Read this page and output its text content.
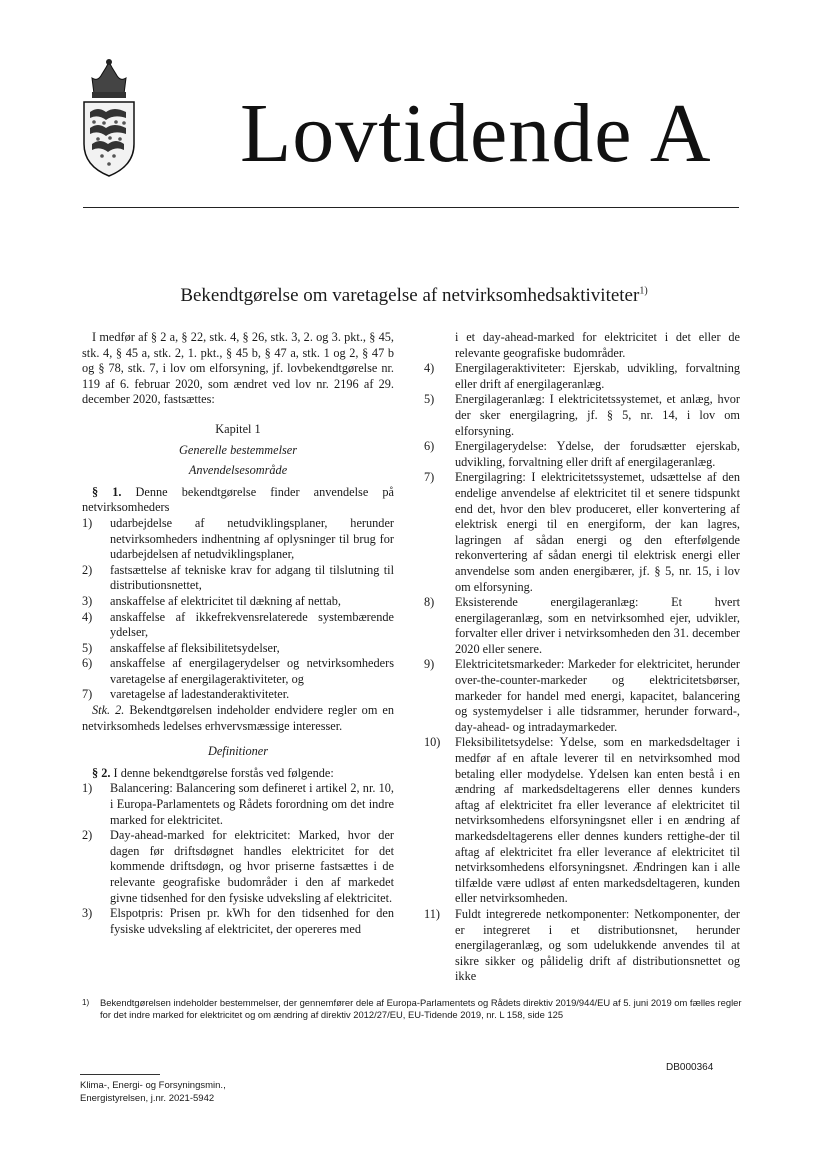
Lovtidende A
Bekendtgørelse om varetagelse af netvirksomhedsaktiviteter$^{1)}$

I medfør af § 2 a, § 22, stk. 4, § 26, stk. 3, 2. og 3. pkt., § 45, stk. 4, § 45 a, stk. 2, 1. pkt., § 45 b, § 47 a, stk. 1 og 2, § 47 b og § 78, stk. 7, i lov om elforsyning, jf. lovbekendtgørelse nr. 119 af 6. februar 2020, som ændret ved lov nr. 2196 af 29. december 2020, fastsættes:

Kapitel 1

Generelle bestemmelser

Anvendelsesområde

§ 1. Denne bekendtgørelse finder anvendelse på netvirksomheders

1)	udarbejdelse af netudviklingsplaner, herunder netvirksomheders indhentning af oplysninger til brug for udarbejdelsen af netudviklingsplaner,
2)	fastsættelse af tekniske krav for adgang til tilslutning til distributionsnettet,
3)	anskaffelse af elektricitet til dækning af nettab,
4)	anskaffelse af ikkefrekvensrelaterede systembærende ydelser,
5)	anskaffelse af fleksibilitetsydelser,
6)	anskaffelse af energilagerydelser og netvirksomheders varetagelse af energilageraktiviteter, og
7)	varetagelse af ladestanderaktiviteter.

Stk. 2. Bekendtgørelsen indeholder endvidere regler om en netvirksomheds ledelses erhvervsmæssige interesser.

Definitioner

§ 2. I denne bekendtgørelse forstås ved følgende:

1)	Balancering: Balancering som defineret i artikel 2, nr. 10, i Europa-Parlamentets og Rådets forordning om det indre marked for elektricitet.
2)	Day-ahead-marked for elektricitet: Marked, hvor der dagen før driftsdøgnet handles elektricitet for det kommende driftsdøgn, og hvor priserne fastsættes i de relevante geografiske budområder i den af markedet givne tidsenhed for den fysiske udveksling af elektricitet.
3)	Elspotpris: Prisen pr. kWh for den tidsenhed for den fysiske udveksling af elektricitet, der opereres med

i et day-ahead-marked for elektricitet i det eller de relevante geografiske budområder.

4)	Energilageraktiviteter: Ejerskab, udvikling, forvaltning eller drift af energilageranlæg.
5)	Energilageranlæg: I elektricitetssystemet, et anlæg, hvor der sker energilagring, jf. § 5, nr. 14, i lov om elforsyning.
6)	Energilagerydelse: Ydelse, der forudsætter ejerskab, udvikling, forvaltning eller drift af energilageranlæg.
7)	Energilagring: I elektricitetssystemet, udsættelse af den endelige anvendelse af elektricitet til et senere tidspunkt end det, hvor den blev produceret, eller konvertering af elektrisk energi til en energiform, der kan lagres, lagringen af sådan energi og den efterfølgende rekonvertering af sådan energi til elektrisk energi eller anvendelse som anden energibærer, jf. § 5, nr. 15, i lov om elforsyning.
8)	Eksisterende energilageranlæg: Et hvert energilageranlæg, som en netvirksomhed ejer, udvikler, forvalter eller driver i netvirksomheden den 31. december 2020 eller senere.
9)	Elektricitetsmarkeder: Markeder for elektricitet, herunder over-the-counter-markeder og elektricitetsbørser, markeder for handel med energi, kapacitet, balancering og systemydelser i alle tidsrammer, herunder forward-, day-ahead- og intradaymarkeder.
10)	Fleksibilitetsydelse: Ydelse, som en markedsdeltager i medfør af en aftale leverer til en netvirksomhed mod betaling eller modydelse. Ydelsen kan enten bestå i en ændring af markedsdeltagerens eller dennes kunders aftag af elektricitet fra eller leverance af elektricitet til netvirksomhedens elforsyningsnet eller i en ændring af markedsdeltagerens eller dennes kunders rettighe-der til aftag af elektricitet fra eller leverance af elektricitet til netvirksomhedens elforsyningsnet. Ændringen kan i alle tilfælde være udløst af enten markedsdeltageren, kunden eller netvirksomheden.
11)	Fuldt integrerede netkomponenter: Netkomponenter, der er integreret i et distributionsnet, herunder energilageranlæg, og som udelukkende anvendes til at sikre sikker og pålidelig drift af distributionsnettet og ikke
1)	Bekendtgørelsen indeholder bestemmelser, der gennemfører dele af Europa-Parlamentets og Rådets direktiv 2019/944/EU af 5. juni 2019 om fælles regler for det indre marked for elektricitet og om ændring af direktiv 2012/27/EU, EU-Tidende 2019, nr. L 158, side 125
DB000364
Klima-, Energi- og Forsyningsmin.,
Energistyrelsen, j.nr. 2021-5942
